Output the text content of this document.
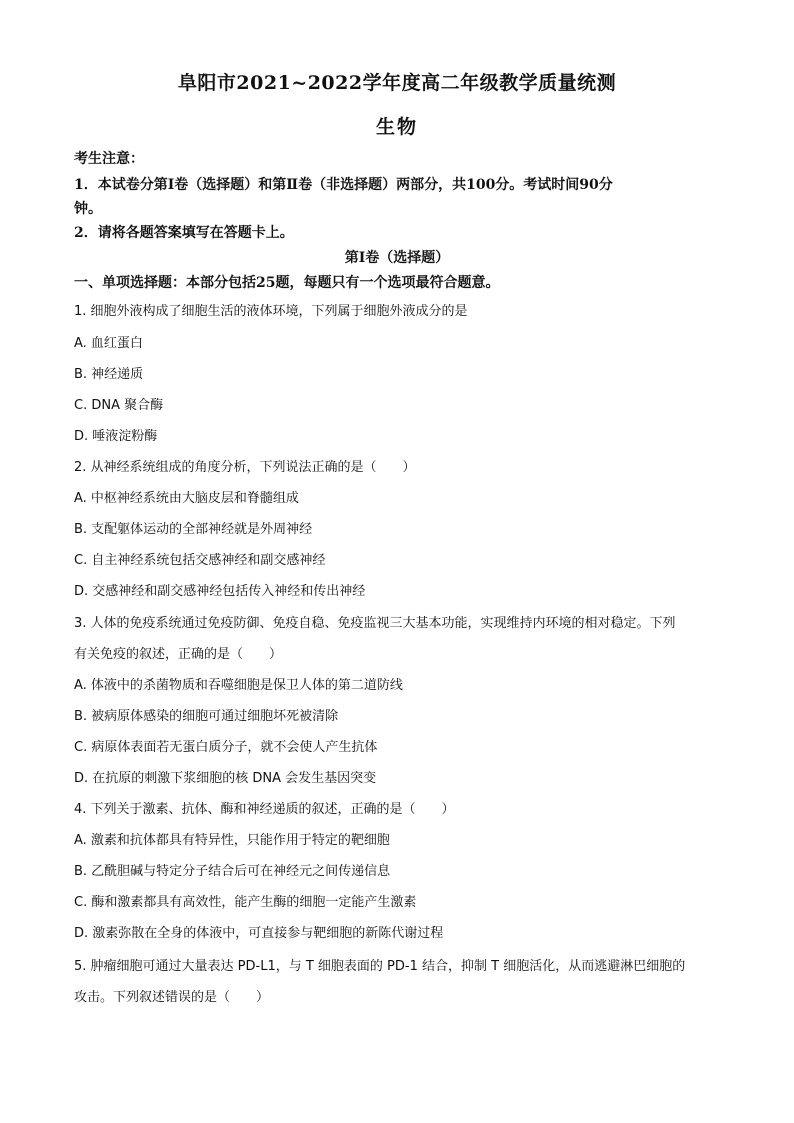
阜阳市2021~2022学年度高二年级教学质量统测
生物
考生注意：
1．本试卷分第Ⅰ卷（选择题）和第Ⅱ卷（非选择题）两部分，共100分。考试时间90分
钟。
2．请将各题答案填写在答题卡上。
第Ⅰ卷（选择题）
一、单项选择题：本部分包括25题，每题只有一个选项最符合题意。
1. 细胞外液构成了细胞生活的液体环境，下列属于细胞外液成分的是
A. 血红蛋白
B. 神经递质
C. DNA 聚合酶
D. 唾液淀粉酶
2. 从神经系统组成的角度分析，下列说法正确的是（　　）
A. 中枢神经系统由大脑皮层和脊髓组成
B. 支配躯体运动的全部神经就是外周神经
C. 自主神经系统包括交感神经和副交感神经
D. 交感神经和副交感神经包括传入神经和传出神经
3. 人体的免疫系统通过免疫防御、免疫自稳、免疫监视三大基本功能，实现维持内环境的相对稳定。下列
有关免疫的叙述，正确的是（　　）
A. 体液中的杀菌物质和吞噬细胞是保卫人体的第二道防线
B. 被病原体感染的细胞可通过细胞坏死被清除
C. 病原体表面若无蛋白质分子，就不会使人产生抗体
D. 在抗原的刺激下浆细胞的核 DNA 会发生基因突变
4. 下列关于激素、抗体、酶和神经递质的叙述，正确的是（　　）
A. 激素和抗体都具有特异性，只能作用于特定的靶细胞
B. 乙酰胆碱与特定分子结合后可在神经元之间传递信息
C. 酶和激素都具有高效性，能产生酶的细胞一定能产生激素
D. 激素弥散在全身的体液中，可直接参与靶细胞的新陈代谢过程
5. 肿瘤细胞可通过大量表达 PD-L1，与 T 细胞表面的 PD-1 结合，抑制 T 细胞活化，从而逃避淋巴细胞的
攻击。下列叙述错误的是（　　）
